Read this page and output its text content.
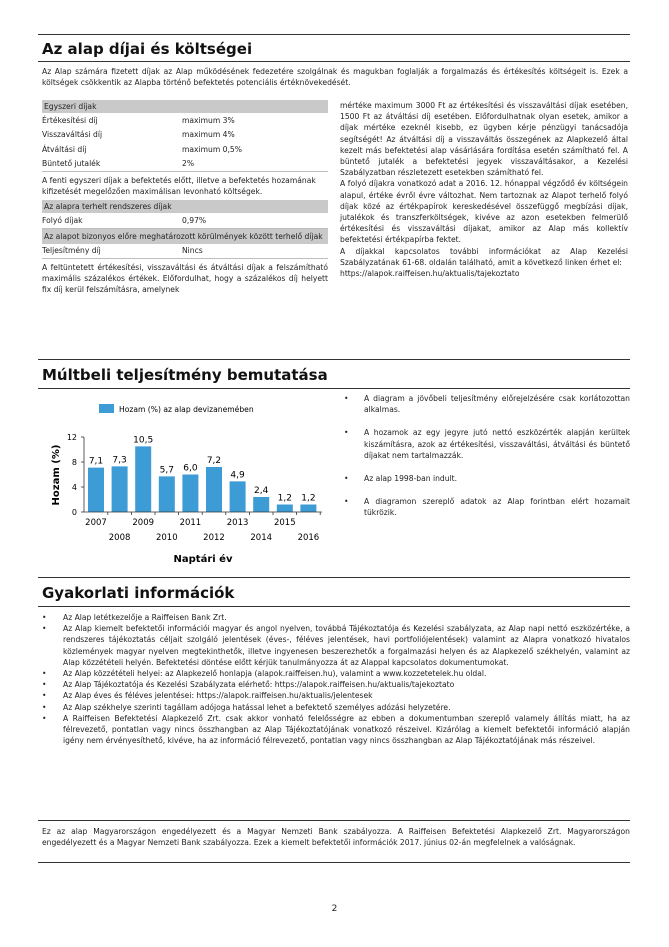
Az alap díjai és költségei
Az Alap számára fizetett díjak az Alap működésének fedezetére szolgálnak és magukban foglalják a forgalmazás és értékesítés költségeit is. Ezek a költségek csökkentik az Alapba történő befektetés potenciális értéknövekedését.
Egyszeri díjak
Értékesítési díj	maximum 3%
Visszaváltási díj	maximum 4%
Átváltási díj	maximum 0,5%
Büntető jutalék	2%
A fenti egyszeri díjak a befektetés előtt, illetve a befektetés hozamának kifizetését megelőzően maximálisan levonható költségek.
Az alapra terhelt rendszeres díjak
Folyó díjak	0,97%
Az alapot bizonyos előre meghatározott körülmények között terhelő díjak
Teljesítmény díj	Nincs
A feltüntetett értékesítési, visszaváltási és átváltási díjak a felszámítható maximális százalékos értékek. Előfordulhat, hogy a százalékos díj helyett fix díj kerül felszámításra, amelynek
mértéke maximum 3000 Ft az értékesítési és visszaváltási díjak esetében, 1500 Ft az átváltási díj esetében. Előfordulhatnak olyan esetek, amikor a díjak mértéke ezeknél kisebb, ez ügyben kérje pénzügyi tanácsadója segítségét! Az átváltási díj a visszaváltás összegének az Alapkezelő által kezelt más befektetési alap vásárlására fordítása esetén számítható fel. A büntető jutalék a befektetési jegyek visszaváltásakor, a Kezelési Szabályzatban részletezett esetekben számítható fel.
A folyó díjakra vonatkozó adat a 2016. 12. hónappal végződő év költségein alapul, értéke évről évre változhat. Nem tartoznak az Alapot terhelő folyó díjak közé az értékpapírok kereskedésével összefüggő megbízási díjak, jutalékok és transzferköltségek, kivéve az azon esetekben felmerülő értékesítési és visszaváltási díjakat, amikor az Alap más kollektív befektetési értékpapírba fektet.
A díjakkal kapcsolatos további információkat az Alap Kezelési Szabályzatának 61-68. oldalán található, amit a következő linken érhet el:
https://alapok.raiffeisen.hu/aktualis/tajekoztato
Múltbeli teljesítmény bemutatása
Hozam (%) az alap devizanemében
7,1 7,3
10,5
5,7 6,0
7,2
4,9
2,4
1,2 1,2
0
4
8
12
2007
2008
2009
2010
2011
2012
2013
2014
2015
2016
Hozam (%)
Naptári év
•	A diagram a jövőbeli teljesítmény előrejelzésére csak korlátozottan alkalmas.
•	A hozamok az egy jegyre jutó nettó eszközérték alapján kerültek kiszámításra, azok az értékesítési, visszaváltási, átváltási és büntető díjakat nem tartalmazzák.
•	Az alap 1998-ban indult.
•	A diagramon szereplő adatok az Alap forintban elért hozamait tükrözik.
Gyakorlati információk
•	Az Alap letétkezelője a Raiffeisen Bank Zrt.
•	Az Alap kiemelt befektetői információi magyar és angol nyelven, továbbá Tájékoztatója és Kezelési szabályzata, az Alap napi nettó eszközértéke, a rendszeres tájékoztatás céljait szolgáló jelentések (éves-, féléves jelentések, havi portfoliójelentések) valamint az Alapra vonatkozó hivatalos közlemények magyar nyelven megtekinthetők, illetve ingyenesen beszerezhetők a forgalmazási helyen és az Alapkezelő székhelyén, valamint az Alap közzétételi helyén. Befektetési döntése előtt kérjük tanulmányozza át az Alappal kapcsolatos dokumentumokat.
•	Az Alap közzétételi helyei: az Alapkezelő honlapja (alapok.raiffeisen.hu), valamint a www.kozzetetelek.hu oldal.
•	Az Alap Tájékoztatója és Kezelési Szabályzata elérhető: https://alapok.raiffeisen.hu/aktualis/tajekoztato
•	Az Alap éves és féléves jelentései: https://alapok.raiffeisen.hu/aktualis/jelentesek
•	Az Alap székhelye szerinti tagállam adójoga hatással lehet a befektető személyes adózási helyzetére.
•	A Raiffeisen Befektetési Alapkezelő Zrt. csak akkor vonható felelősségre az ebben a dokumentumban szereplő valamely állítás miatt, ha az félrevezető, pontatlan vagy nincs összhangban az Alap Tájékoztatójának vonatkozó részeivel. Kizárólag a kiemelt befektetői információ alapján igény nem érvényesíthető, kivéve, ha az információ félrevezető, pontatlan vagy nincs összhangban az Alap Tájékoztatójának más részeivel.
Ez az alap Magyarországon engedélyezett és a Magyar Nemzeti Bank szabályozza. A Raiffeisen Befektetési Alapkezelő Zrt. Magyarországon engedélyezett és a Magyar Nemzeti Bank szabályozza. Ezek a kiemelt befektetői információk 2017. június 02-án megfelelnek a valóságnak.
2
